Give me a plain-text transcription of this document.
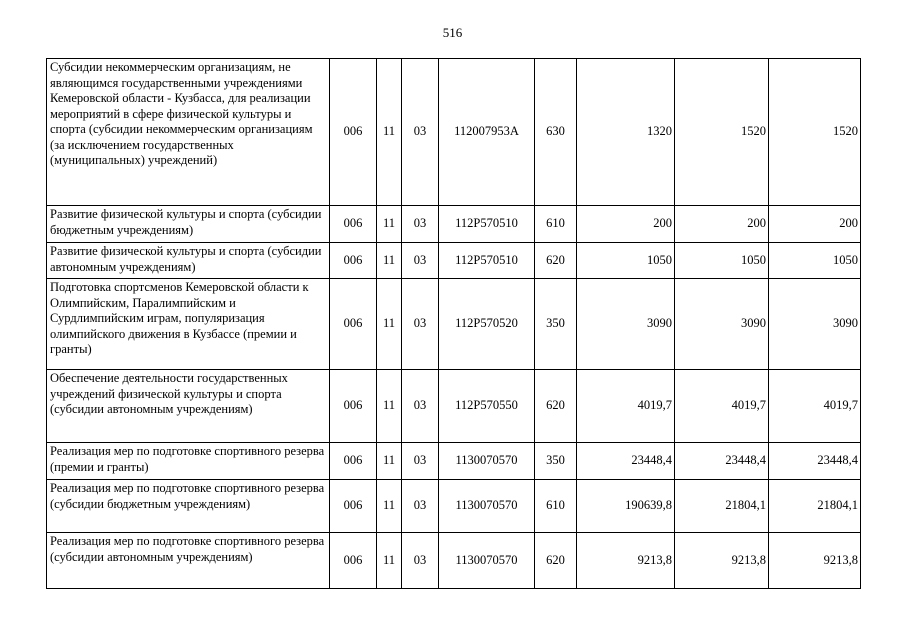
516
Субсидии некоммерческим организациям, не являющимся государственными учреждениями Кемеровской области - Кузбасса, для реализации мероприятий в сфере физической культуры и спорта (субсидии некоммерческим организациям (за исключением государственных (муниципальных) учреждений)	006	11	03	112007953А	630	1320	1520	1520
Развитие физической культуры и спорта (субсидии бюджетным учреждениям)	006	11	03	112Р570510	610	200	200	200
Развитие физической культуры и спорта (субсидии автономным учреждениям)	006	11	03	112Р570510	620	1050	1050	1050
Подготовка спортсменов Кемеровской области к Олимпийским, Паралимпийским и Сурдлимпийским играм, популяризация олимпийского движения в Кузбассе (премии и гранты)	006	11	03	112Р570520	350	3090	3090	3090
Обеспечение деятельности государственных учреждений физической культуры и спорта (субсидии автономным учреждениям)	006	11	03	112Р570550	620	4019,7	4019,7	4019,7
Реализация мер по подготовке спортивного резерва (премии и гранты)	006	11	03	1130070570	350	23448,4	23448,4	23448,4
Реализация мер по подготовке спортивного резерва (субсидии бюджетным учреждениям)	006	11	03	1130070570	610	190639,8	21804,1	21804,1
Реализация мер по подготовке спортивного резерва (субсидии автономным учреждениям)	006	11	03	1130070570	620	9213,8	9213,8	9213,8
